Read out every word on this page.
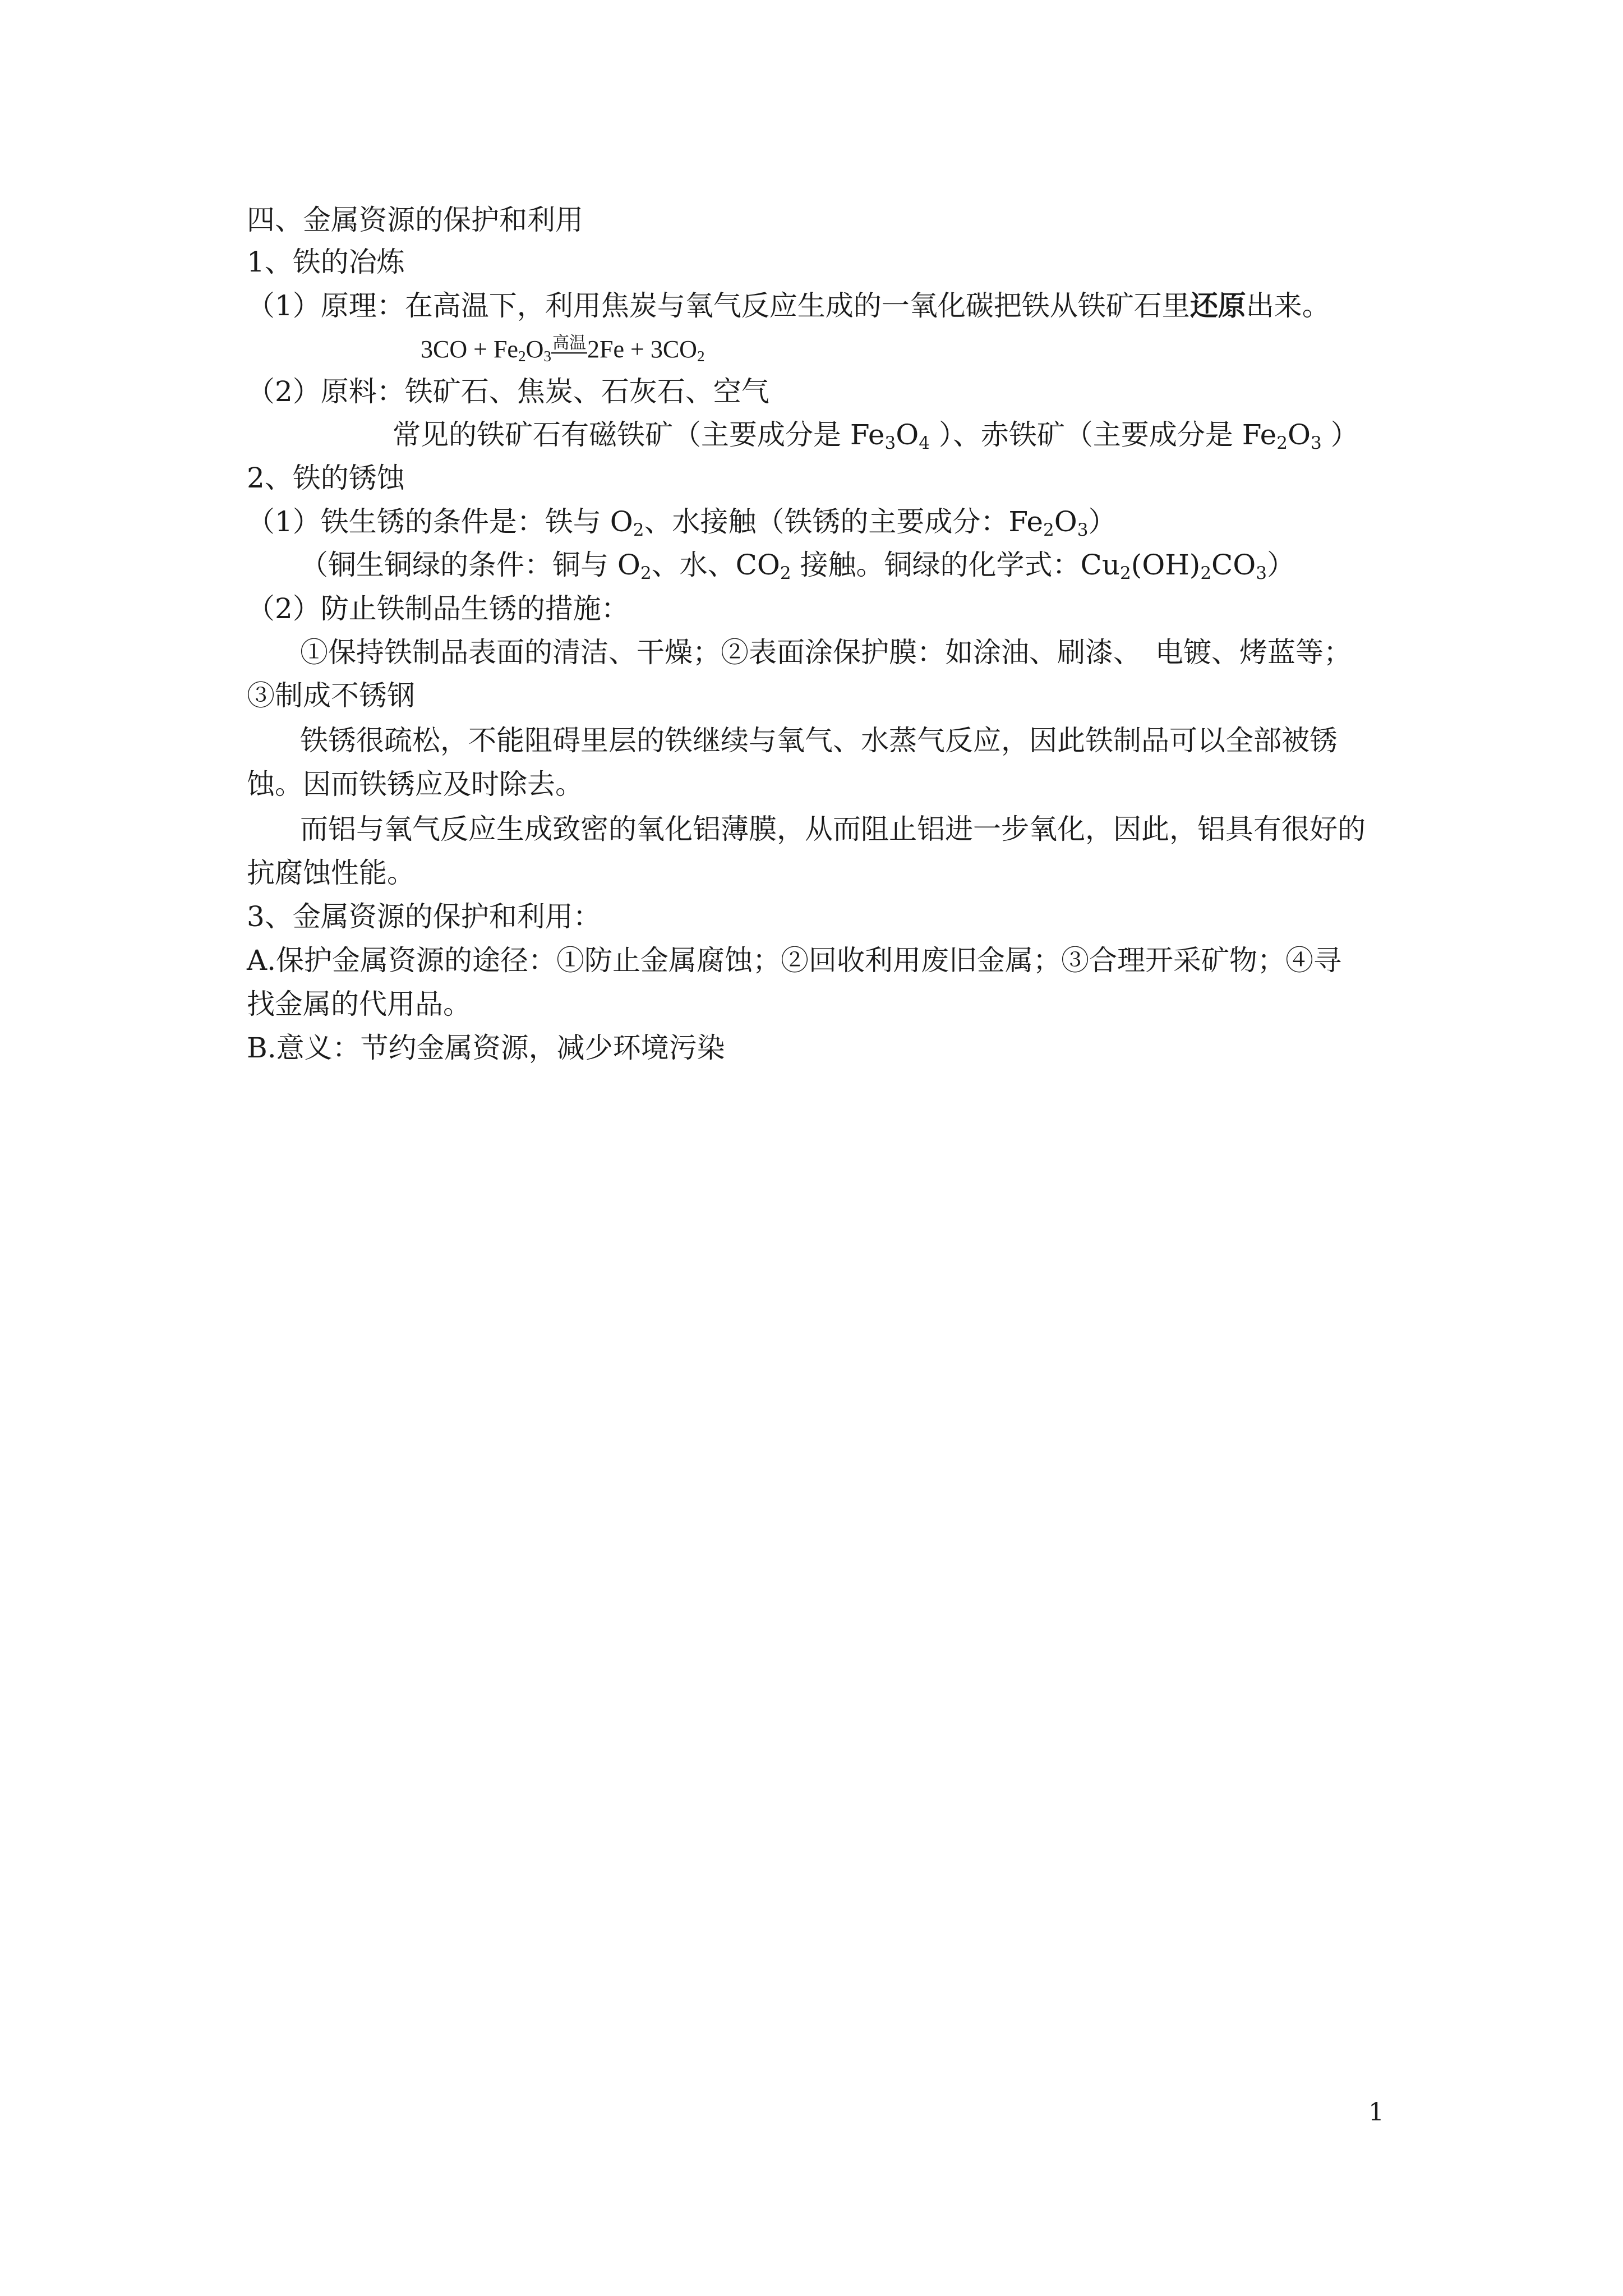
四、金属资源的保护和利用
1、铁的冶炼
（1）原理：在高温下，利用焦炭与氧气反应生成的一氧化碳把铁从铁矿石里还原出来。
$3CO + Fe_2O_3$高温$2Fe + 3CO_2$
（2）原料：铁矿石、焦炭、石灰石、空气
常见的铁矿石有磁铁矿（主要成分是 $Fe_3O_4$ ）、赤铁矿（主要成分是 $Fe_2O_3$ ）
2、铁的锈蚀
（1）铁生锈的条件是：铁与 $O_2$、水接触（铁锈的主要成分：$Fe_2O_3$）
（铜生铜绿的条件：铜与 $O_2$、水、$CO_2$ 接触。铜绿的化学式：$Cu_2(OH)_2CO_3$）
（2）防止铁制品生锈的措施：
①保持铁制品表面的清洁、干燥；②表面涂保护膜：如涂油、刷漆、　电镀、烤蓝等；
③制成不锈钢
铁锈很疏松，不能阻碍里层的铁继续与氧气、水蒸气反应，因此铁制品可以全部被锈
蚀。因而铁锈应及时除去。
而铝与氧气反应生成致密的氧化铝薄膜，从而阻止铝进一步氧化，因此，铝具有很好的
抗腐蚀性能。
3、金属资源的保护和利用：
A.保护金属资源的途径：①防止金属腐蚀；②回收利用废旧金属；③合理开采矿物；④寻
找金属的代用品。
B.意义：节约金属资源，减少环境污染
1
